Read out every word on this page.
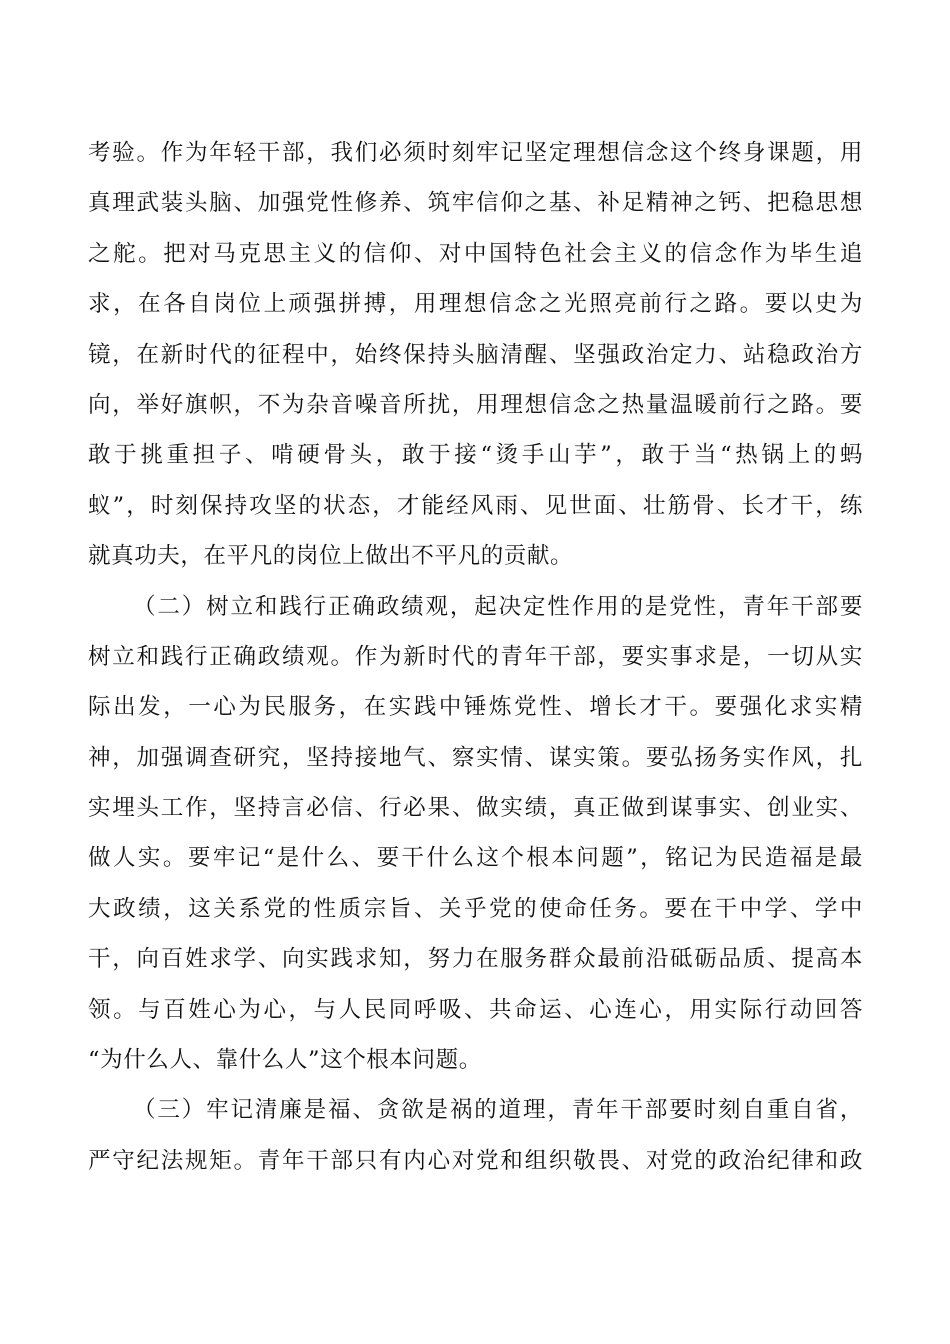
考验。作为年轻干部，我们必须时刻牢记坚定理想信念这个终身课题，用
真理武装头脑、加强党性修养、筑牢信仰之基、补足精神之钙、把稳思想
之舵。把对马克思主义的信仰、对中国特色社会主义的信念作为毕生追
求，在各自岗位上顽强拼搏，用理想信念之光照亮前行之路。要以史为
镜，在新时代的征程中，始终保持头脑清醒、坚强政治定力、站稳政治方
向，举好旗帜，不为杂音噪音所扰，用理想信念之热量温暖前行之路。要
敢于挑重担子、啃硬骨头，敢于接“烫手山芋”，敢于当“热锅上的蚂
蚁”，时刻保持攻坚的状态，才能经风雨、见世面、壮筋骨、长才干，练
就真功夫，在平凡的岗位上做出不平凡的贡献。
（二）树立和践行正确政绩观，起决定性作用的是党性，青年干部要
树立和践行正确政绩观。作为新时代的青年干部，要实事求是，一切从实
际出发，一心为民服务，在实践中锤炼党性、增长才干。要强化求实精
神，加强调查研究，坚持接地气、察实情、谋实策。要弘扬务实作风，扎
实埋头工作，坚持言必信、行必果、做实绩，真正做到谋事实、创业实、
做人实。要牢记“是什么、要干什么这个根本问题”，铭记为民造福是最
大政绩，这关系党的性质宗旨、关乎党的使命任务。要在干中学、学中
干，向百姓求学、向实践求知，努力在服务群众最前沿砥砺品质、提高本
领。与百姓心为心，与人民同呼吸、共命运、心连心，用实际行动回答
“为什么人、靠什么人”这个根本问题。
（三）牢记清廉是福、贪欲是祸的道理，青年干部要时刻自重自省，
严守纪法规矩。青年干部只有内心对党和组织敬畏、对党的政治纪律和政
